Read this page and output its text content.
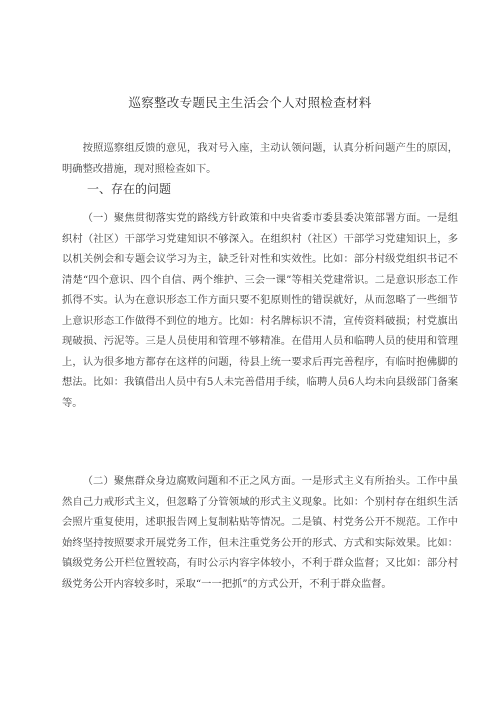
巡察整改专题民主生活会个人对照检查材料

按照巡察组反馈的意见，我对号入座，主动认领问题，认真分析问题产生的原因，明确整改措施，现对照检查如下。

一、存在的问题

（一）聚焦贯彻落实党的路线方针政策和中央省委市委县委决策部署方面。一是组织村（社区）干部学习党建知识不够深入。在组织村（社区）干部学习党建知识上，多以机关例会和专题会议学习为主，缺乏针对性和实效性。比如：部分村级党组织书记不清楚“四个意识、四个自信、两个维护、三会一课”等相关党建常识。二是意识形态工作抓得不实。认为在意识形态工作方面只要不犯原则性的错误就好，从而忽略了一些细节上意识形态工作做得不到位的地方。比如：村名牌标识不清，宣传资料破损；村党旗出现破损、污泥等。三是人员使用和管理不够精准。在借用人员和临聘人员的使用和管理上，认为很多地方都存在这样的问题，待县上统一要求后再完善程序，有临时抱佛脚的想法。比如：我镇借出人员中有5人未完善借用手续，临聘人员6人均未向县级部门备案等。

（二）聚焦群众身边腐败问题和不正之风方面。一是形式主义有所抬头。工作中虽然自己力戒形式主义，但忽略了分管领域的形式主义现象。比如：个别村存在组织生活会照片重复使用，述职报告网上复制粘贴等情况。二是镇、村党务公开不规范。工作中始终坚持按照要求开展党务工作，但未注重党务公开的形式、方式和实际效果。比如：镇级党务公开栏位置较高，有时公示内容字体较小，不利于群众监督；又比如：部分村级党务公开内容较多时，采取“一一把抓”的方式公开，不利于群众监督。
